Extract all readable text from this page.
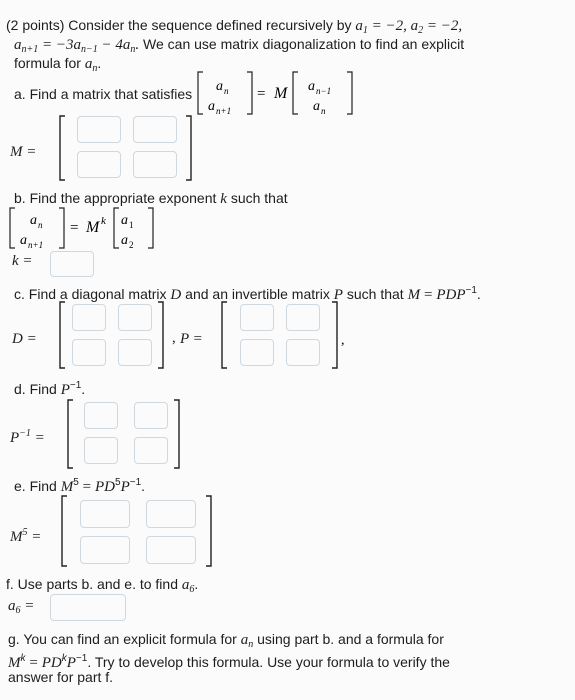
(2 points) Consider the sequence defined recursively by $a_1 = -2$, $a_2 = -2$,
$a_{n+1} = -3a_{n-1} - 4a_n$. We can use matrix diagonalization to find an explicit
formula for $a_n$.
a. Find a matrix that satisfies a n
a n+1
= M a n−1
a n
M =
b. Find the appropriate exponent k such that
a n
a n+1
= M k a 1
a 2
k =
c. Find a diagonal matrix D and an invertible matrix P such that $M = PDP^{-1}$.
D =	, P =	,
d. Find $P^{-1}$.
$P^{-1}$ =
e. Find $M^5 = PD^5P^{-1}$.
$M^5$ =
f. Use parts b. and e. to find $a_6$.
$a_6$ =
g. You can find an explicit formula for $a_n$ using part b. and a formula for
$M^k = PD^kP^{-1}$. Try to develop this formula. Use your formula to verify the
answer for part f.
